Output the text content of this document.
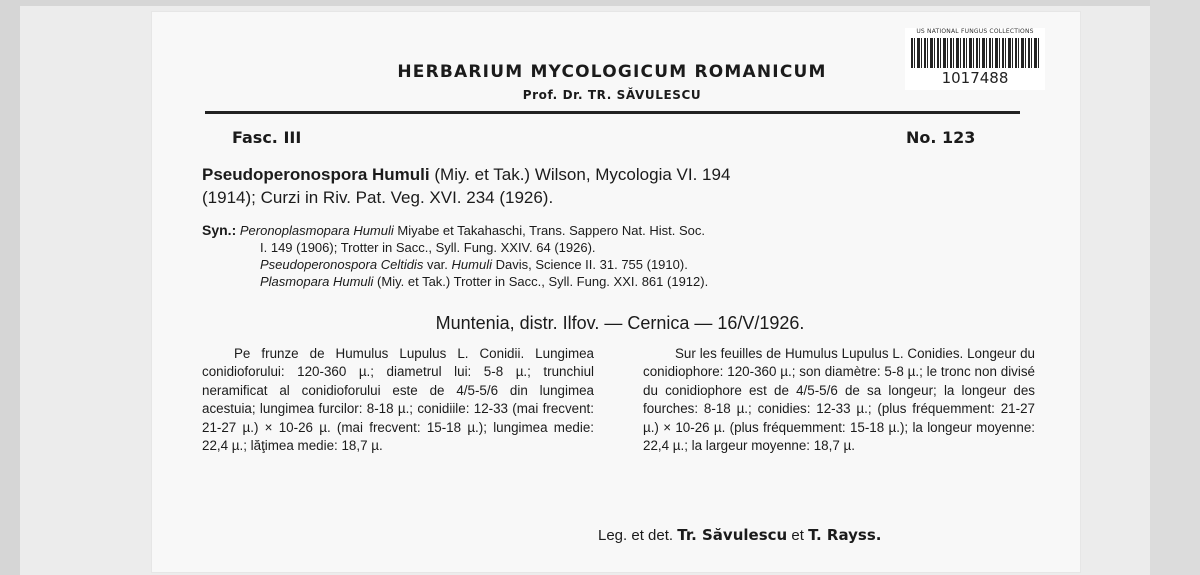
US NATIONAL FUNGUS COLLECTIONS
1017488
HERBARIUM MYCOLOGICUM ROMANICUM
Prof. Dr. TR. SĂVULESCU
Fasc. III	No. 123
Pseudoperonospora Humuli (Miy. et Tak.) Wilson, Mycologia VI. 194
(1914); Curzi in Riv. Pat. Veg. XVI. 234 (1926).
Syn.: Peronoplasmopara Humuli Miyabe et Takahaschi, Trans. Sappero Nat. Hist. Soc.
I. 149 (1906); Trotter in Sacc., Syll. Fung. XXIV. 64 (1926).
Pseudoperonospora Celtidis var. Humuli Davis, Science II. 31. 755 (1910).
Plasmopara Humuli (Miy. et Tak.) Trotter in Sacc., Syll. Fung. XXI. 861 (1912).
Muntenia, distr. Ilfov. — Cernica — 16/V/1926.

Pe frunze de Humulus Lupulus L. Conidii. Lungimea conidioforului: 120-360 µ.; diametrul lui: 5-8 µ.; trunchiul neramificat al conidioforului este de 4/5-5/6 din lungimea acestuia; lungimea furcilor: 8-18 µ.; conidiile: 12-33 (mai frecvent: 21-27 µ.) × 10-26 µ. (mai frecvent: 15-18 µ.); lungimea medie: 22,4 µ.; lăţimea medie: 18,7 µ.

Sur les feuilles de Humulus Lupulus L. Conidies. Longeur du conidiophore: 120-360 µ.; son diamètre: 5-8 µ.; le tronc non divisé du conidiophore est de 4/5-5/6 de sa longeur; la longeur des fourches: 8-18 µ.; conidies: 12-33 µ.; (plus fréquemment: 21-27 µ.) × 10-26 µ. (plus fréquemment: 15-18 µ.); la longeur moyenne: 22,4 µ.; la largeur moyenne: 18,7 µ.

Leg. et det. Tr. Săvulescu et T. Rayss.
